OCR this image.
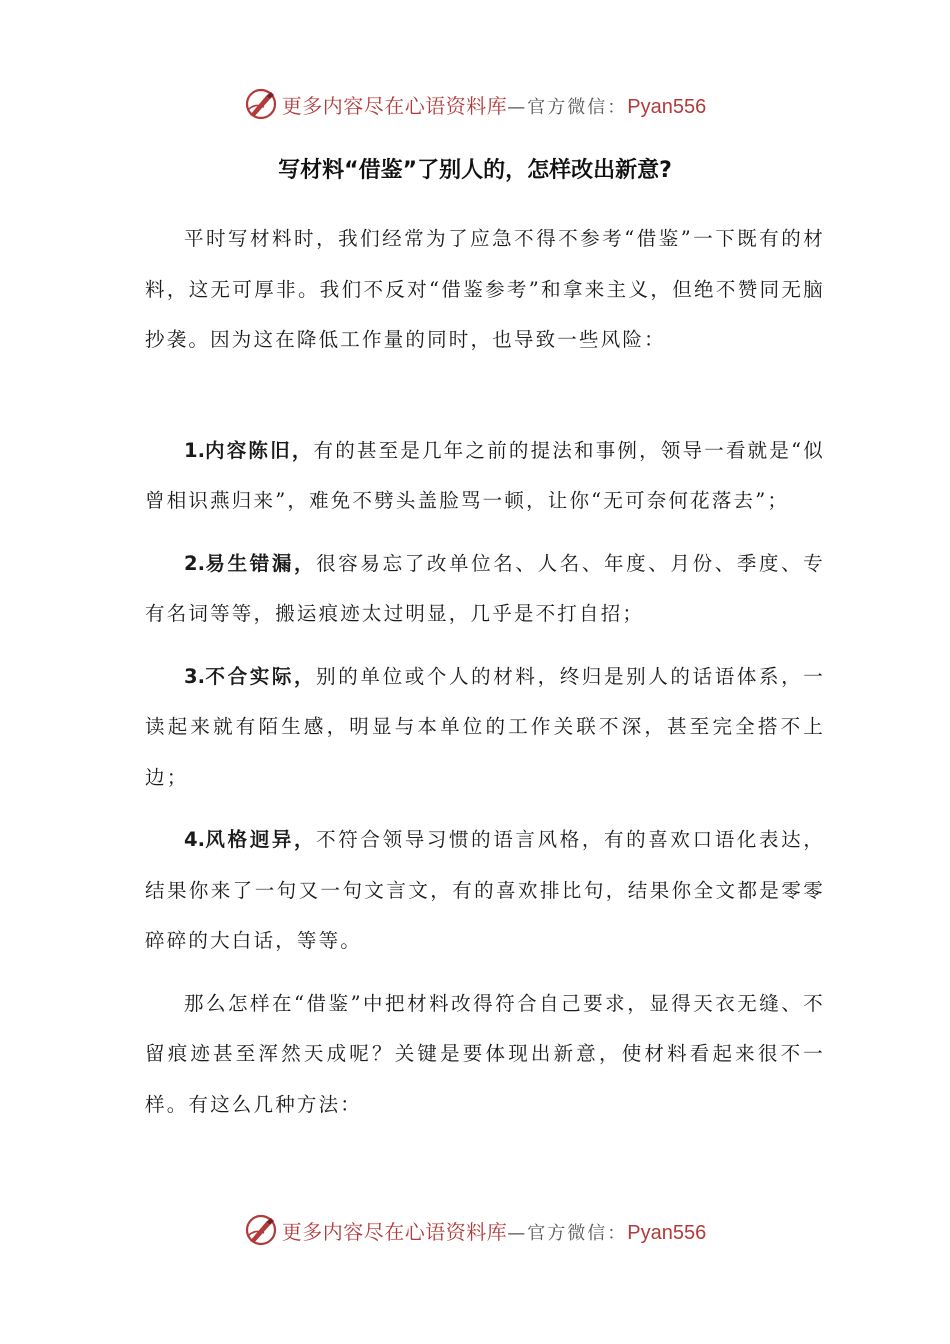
更多内容尽在心语资料库—官方微信：Pyan556
写材料“借鉴”了别人的，怎样改出新意?

平时写材料时，我们经常为了应急不得不参考“借鉴”一下既有的材料，这无可厚非。我们不反对“借鉴参考”和拿来主义，但绝不赞同无脑抄袭。因为这在降低工作量的同时，也导致一些风险：

1.内容陈旧，有的甚至是几年之前的提法和事例，领导一看就是“似曾相识燕归来”，难免不劈头盖脸骂一顿，让你“无可奈何花落去”；

2.易生错漏，很容易忘了改单位名、人名、年度、月份、季度、专有名词等等，搬运痕迹太过明显，几乎是不打自招；

3.不合实际，别的单位或个人的材料，终归是别人的话语体系，一读起来就有陌生感，明显与本单位的工作关联不深，甚至完全搭不上边；

4.风格迥异，不符合领导习惯的语言风格，有的喜欢口语化表达，结果你来了一句又一句文言文，有的喜欢排比句，结果你全文都是零零碎碎的大白话，等等。

那么怎样在“借鉴”中把材料改得符合自己要求，显得天衣无缝、不留痕迹甚至浑然天成呢？关键是要体现出新意，使材料看起来很不一样。有这么几种方法：

更多内容尽在心语资料库—官方微信：Pyan556
